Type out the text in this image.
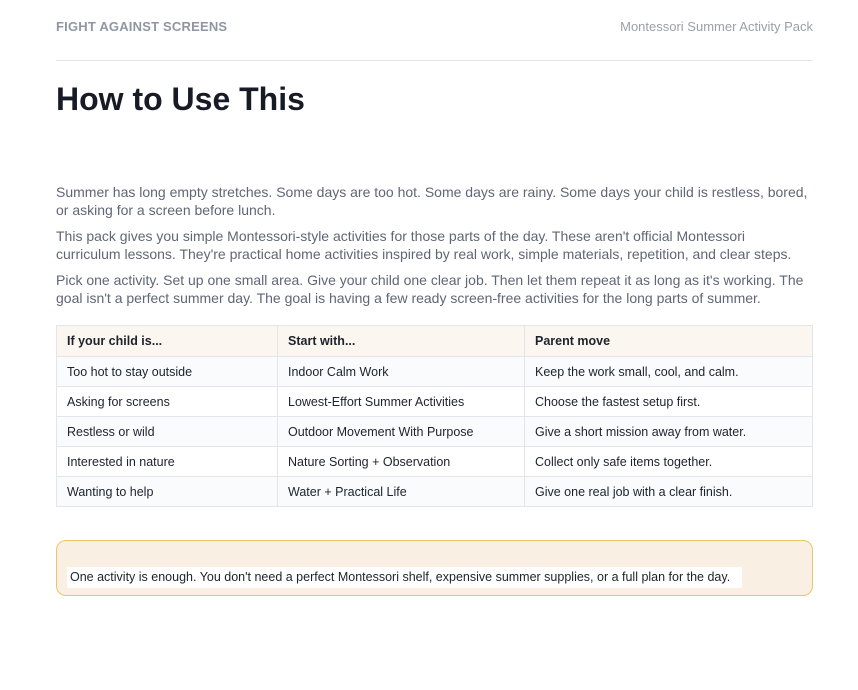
FIGHT AGAINST SCREENS	Montessori Summer Activity Pack
How to Use This

Summer has long empty stretches. Some days are too hot. Some days are rainy. Some days your child is restless, bored, or asking for a screen before lunch.

This pack gives you simple Montessori-style activities for those parts of the day. These aren't official Montessori curriculum lessons. They're practical home activities inspired by real work, simple materials, repetition, and clear steps.

Pick one activity. Set up one small area. Give your child one clear job. Then let them repeat it as long as it's working. The goal isn't a perfect summer day. The goal is having a few ready screen-free activities for the long parts of summer.

If your child is...	Start with...	Parent move
Too hot to stay outside	Indoor Calm Work	Keep the work small, cool, and calm.
Asking for screens	Lowest-Effort Summer Activities	Choose the fastest setup first.
Restless or wild	Outdoor Movement With Purpose	Give a short mission away from water.
Interested in nature	Nature Sorting + Observation	Collect only safe items together.
Wanting to help	Water + Practical Life	Give one real job with a clear finish.
One activity is enough. You don't need a perfect Montessori shelf, expensive summer supplies, or a full plan for the day.
